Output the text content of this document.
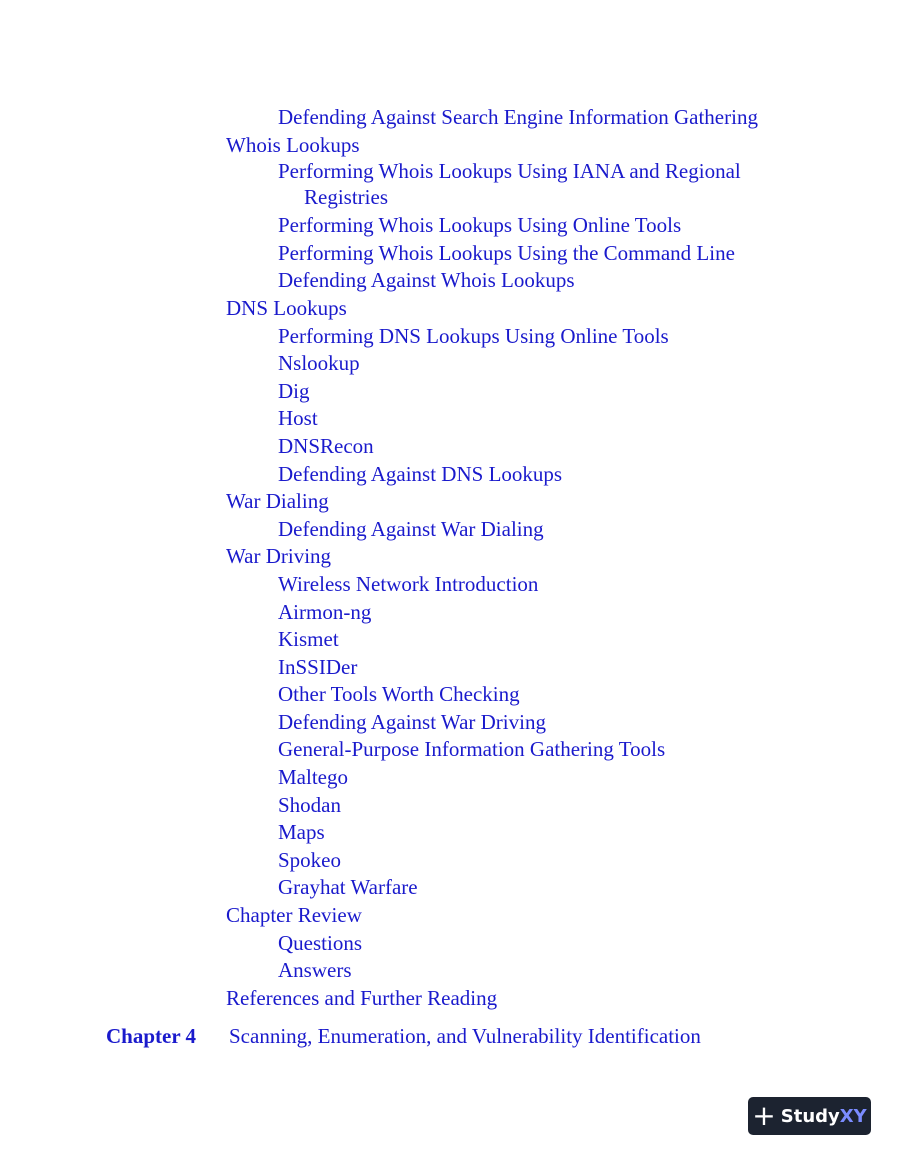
Defending Against Search Engine Information Gathering
Whois Lookups
Performing Whois Lookups Using IANA and Regional Registries
Performing Whois Lookups Using Online Tools
Performing Whois Lookups Using the Command Line
Defending Against Whois Lookups
DNS Lookups
Performing DNS Lookups Using Online Tools
Nslookup
Dig
Host
DNSRecon
Defending Against DNS Lookups
War Dialing
Defending Against War Dialing
War Driving
Wireless Network Introduction
Airmon-ng
Kismet
InSSIDer
Other Tools Worth Checking
Defending Against War Driving
General-Purpose Information Gathering Tools
Maltego
Shodan
Maps
Spokeo
Grayhat Warfare
Chapter Review
Questions
Answers
References and Further Reading
Chapter 4 Scanning, Enumeration, and Vulnerability Identification
+ StudyXY
